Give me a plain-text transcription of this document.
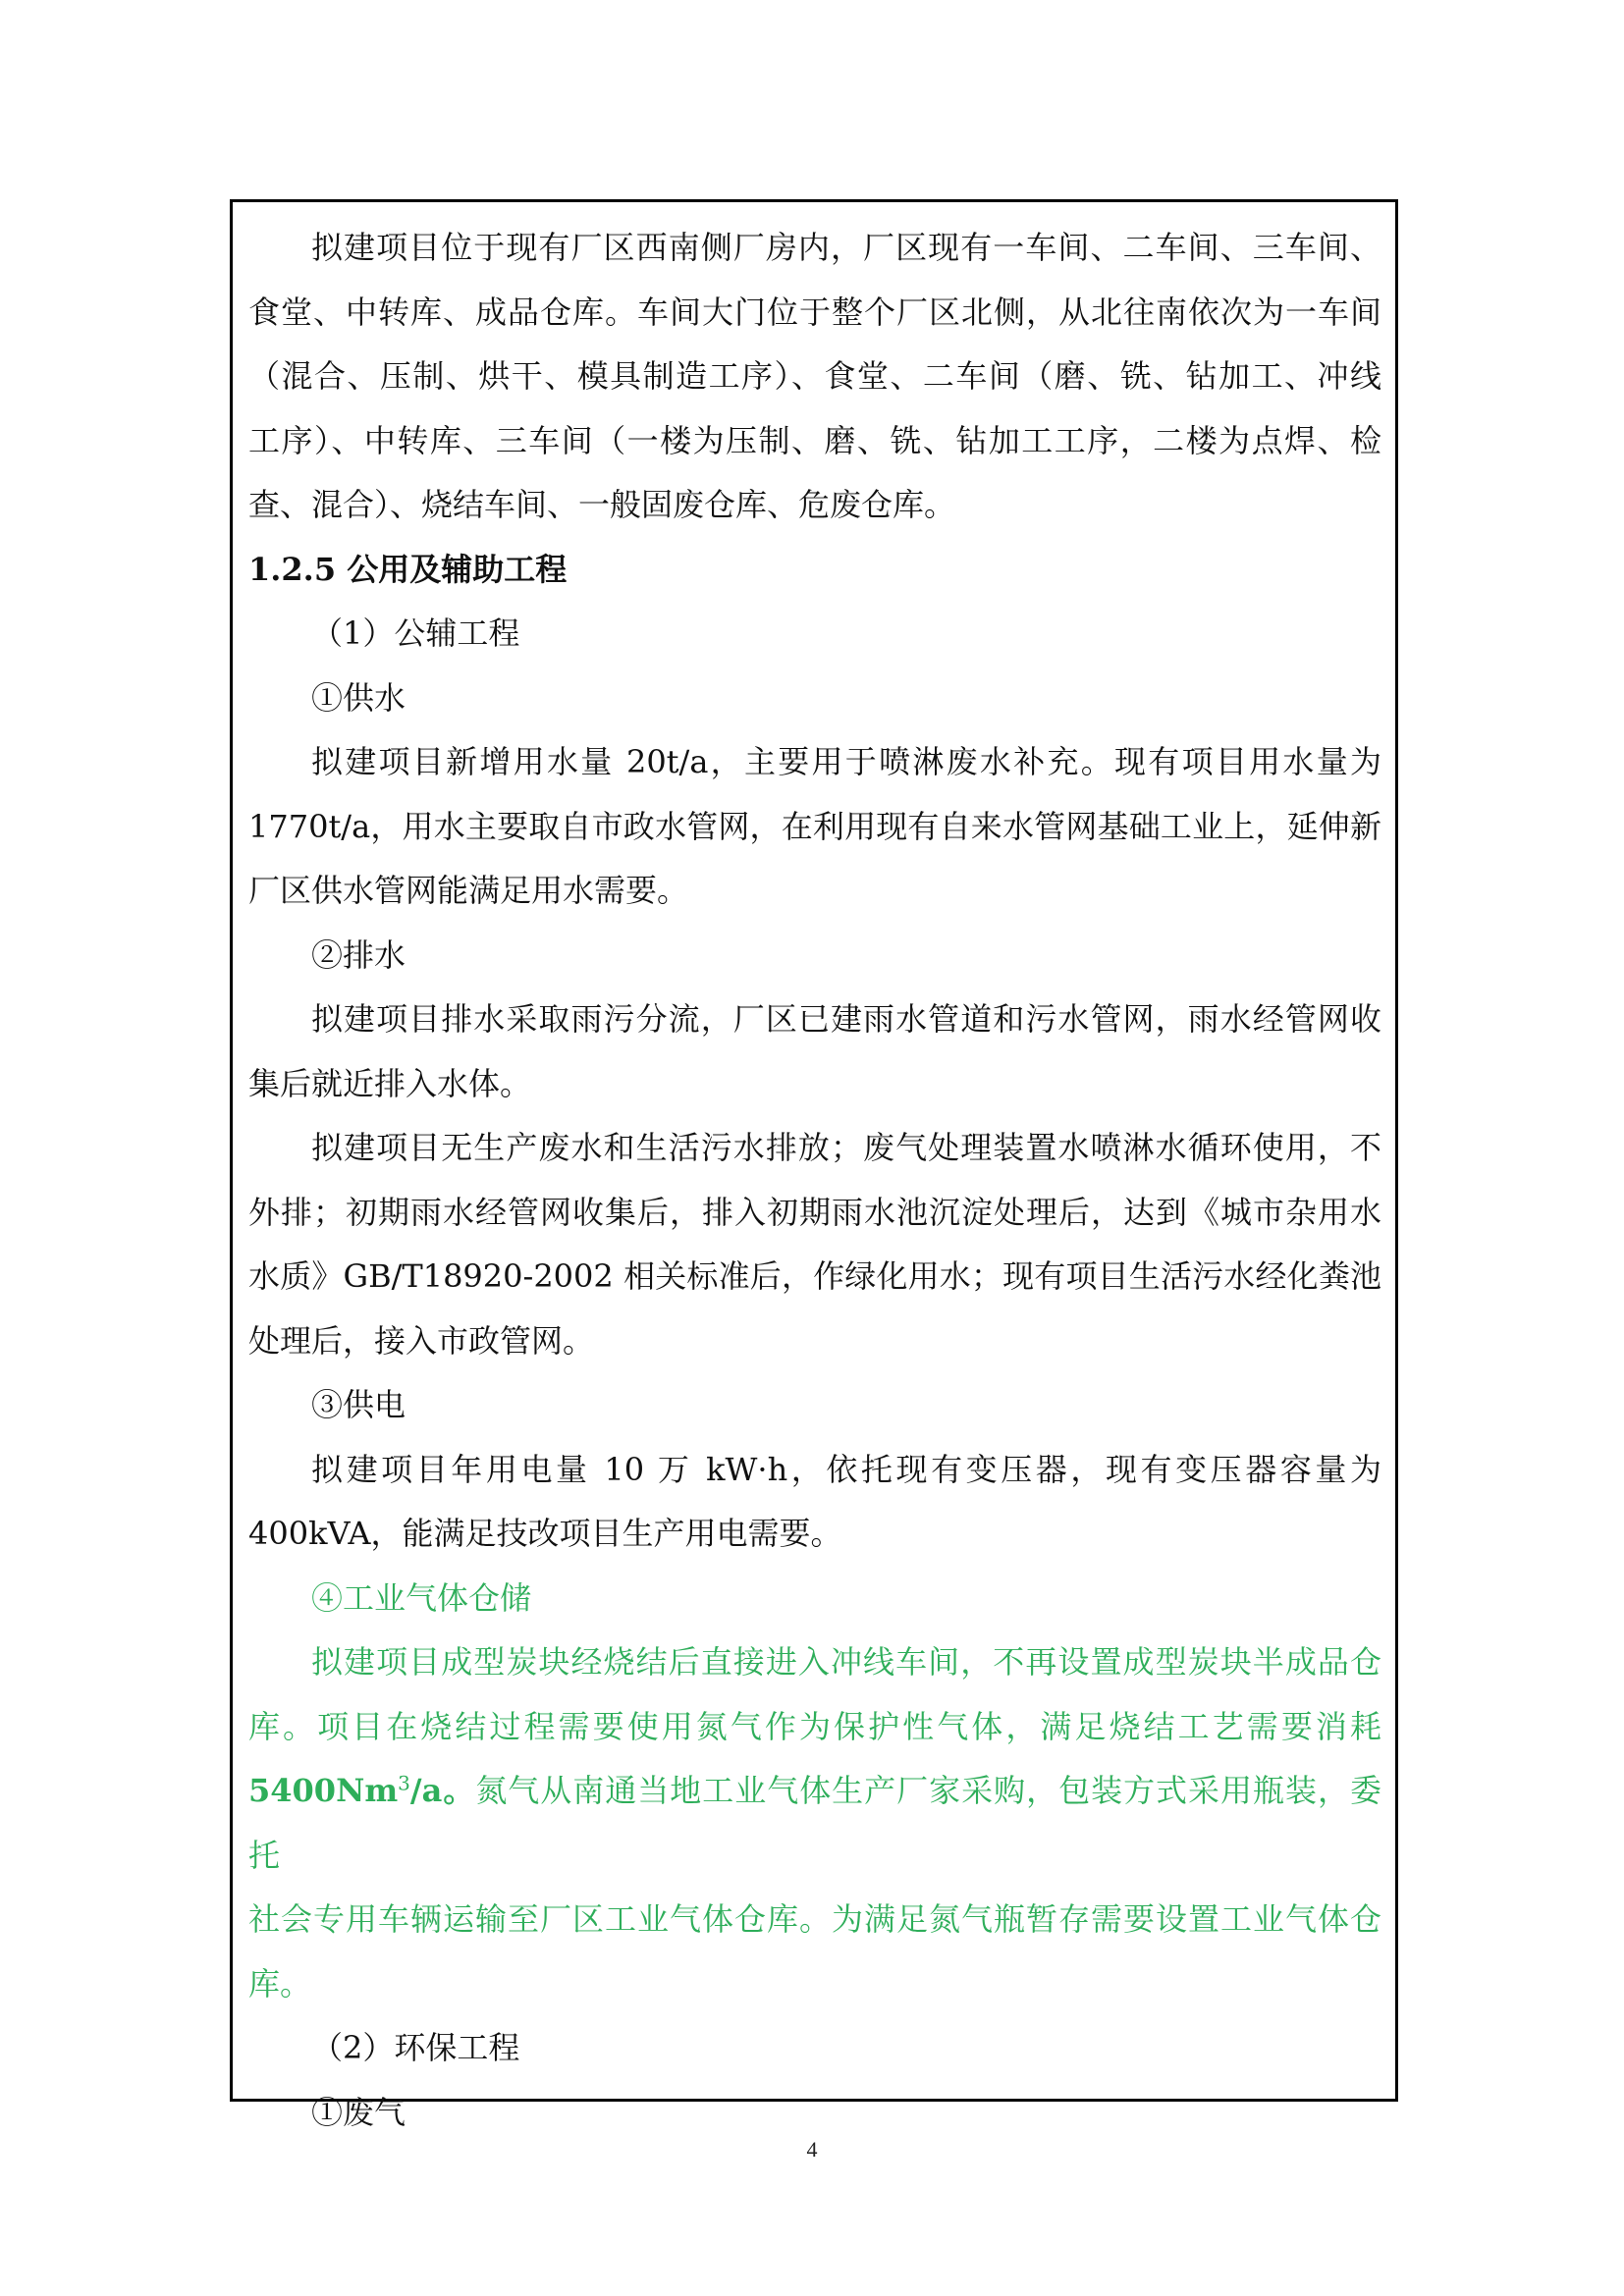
拟建项目位于现有厂区西南侧厂房内，厂区现有一车间、二车间、三车间、

食堂、中转库、成品仓库。车间大门位于整个厂区北侧，从北往南依次为一车间

（混合、压制、烘干、模具制造工序）、食堂、二车间（磨、铣、钻加工、冲线

工序）、中转库、三车间（一楼为压制、磨、铣、钻加工工序，二楼为点焊、检

查、混合）、烧结车间、一般固废仓库、危废仓库。

1.2.5 公用及辅助工程

（1）公辅工程

①供水

拟建项目新增用水量 20t/a，主要用于喷淋废水补充。现有项目用水量为

1770t/a，用水主要取自市政水管网，在利用现有自来水管网基础工业上，延伸新

厂区供水管网能满足用水需要。

②排水

拟建项目排水采取雨污分流，厂区已建雨水管道和污水管网，雨水经管网收

集后就近排入水体。

拟建项目无生产废水和生活污水排放；废气处理装置水喷淋水循环使用，不

外排；初期雨水经管网收集后，排入初期雨水池沉淀处理后，达到《城市杂用水

水质》GB/T18920-2002 相关标准后，作绿化用水；现有项目生活污水经化粪池

处理后，接入市政管网。

③供电

拟建项目年用电量 10 万 kW·h，依托现有变压器，现有变压器容量为

400kVA，能满足技改项目生产用电需要。

④工业气体仓储

拟建项目成型炭块经烧结后直接进入冲线车间，不再设置成型炭块半成品仓

库。项目在烧结过程需要使用氮气作为保护性气体，满足烧结工艺需要消耗

5400Nm$^3$/a。氮气从南通当地工业气体生产厂家采购，包装方式采用瓶装，委托

社会专用车辆运输至厂区工业气体仓库。为满足氮气瓶暂存需要设置工业气体仓

库。

（2）环保工程

①废气

4
